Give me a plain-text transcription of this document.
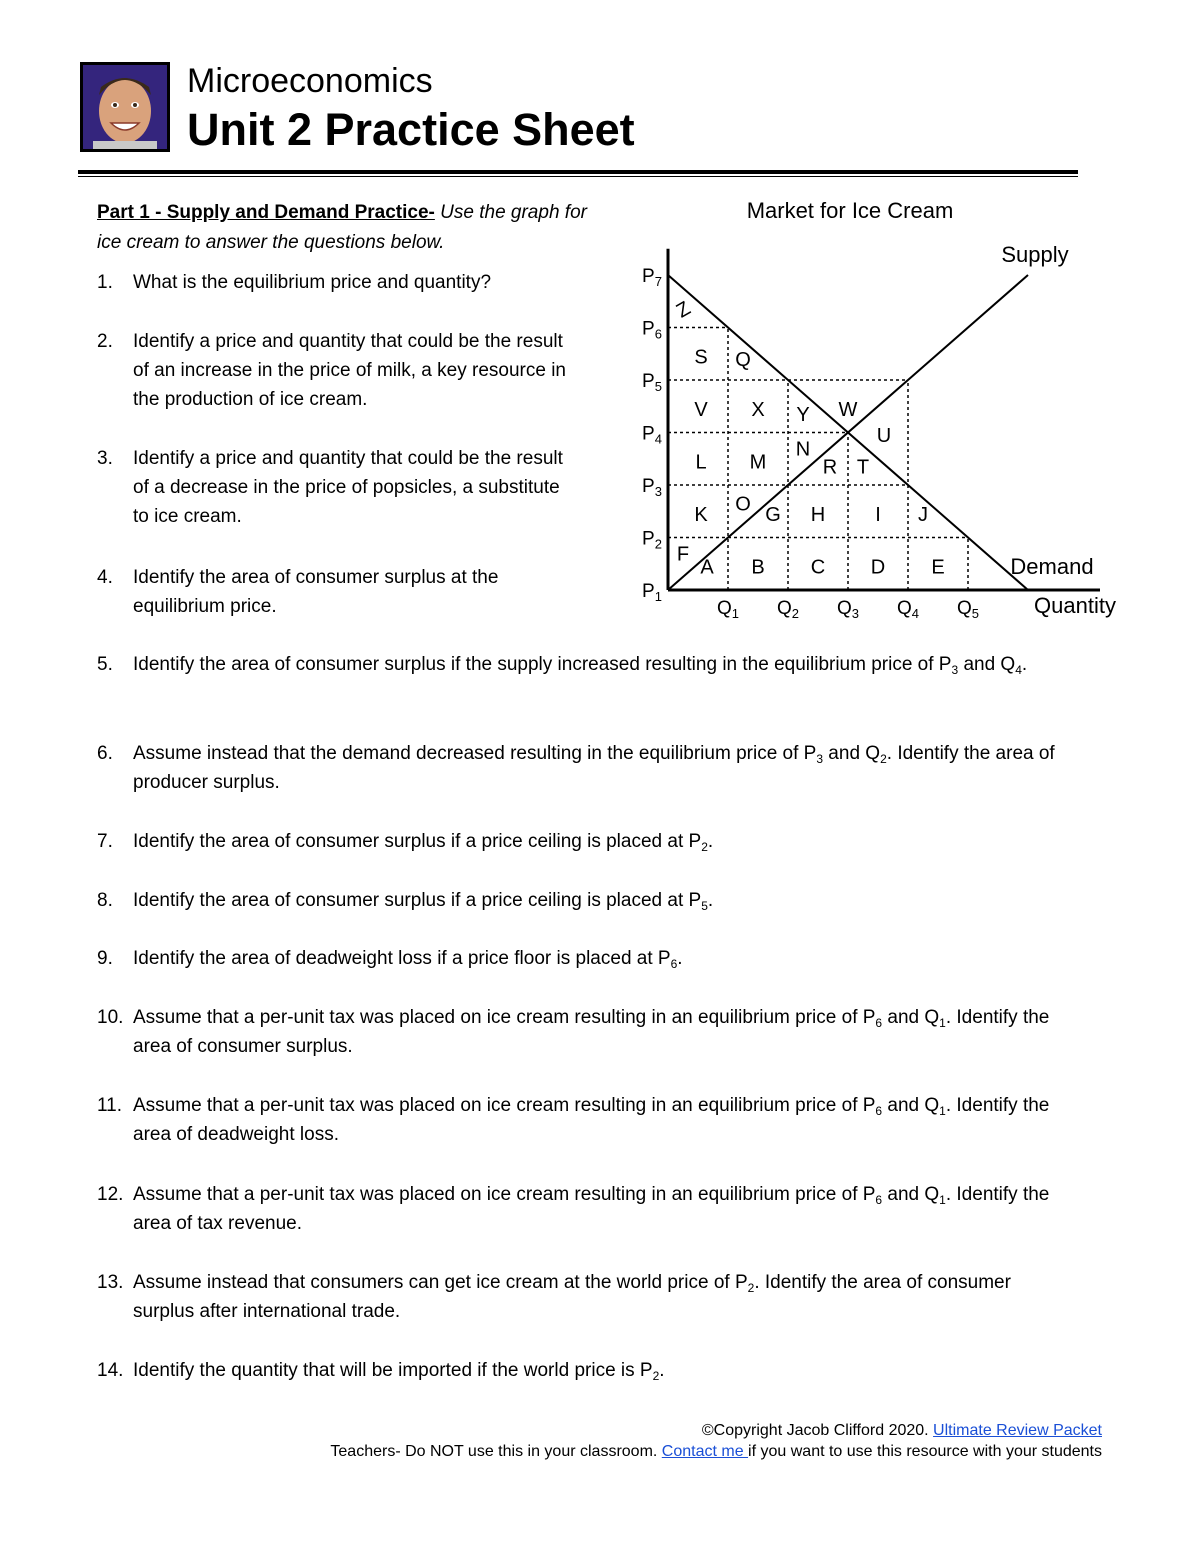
Microeconomics
Unit 2 Practice Sheet
Part 1 - Supply and Demand Practice- Use the graph for ice cream to answer the questions below.
1.	What is the equilibrium price and quantity?
2.	Identify a price and quantity that could be the result of an increase in the price of milk, a key resource in the production of ice cream.
3.	Identify a price and quantity that could be the result of a decrease in the price of popsicles, a substitute to ice cream.
4.	Identify the area of consumer surplus at the equilibrium price.
5.	Identify the area of consumer surplus if the supply increased resulting in the equilibrium price of $P_3$ and $Q_4$.
6.	Assume instead that the demand decreased resulting in the equilibrium price of $P_3$ and $Q_2$. Identify the area of producer surplus.
7.	Identify the area of consumer surplus if a price ceiling is placed at $P_2$.
8.	Identify the area of consumer surplus if a price ceiling is placed at $P_5$.
9.	Identify the area of deadweight loss if a price floor is placed at $P_6$.
10. Assume that a per-unit tax was placed on ice cream resulting in an equilibrium price of $P_6$ and $Q_1$. Identify the area of consumer surplus.
11. Assume that a per-unit tax was placed on ice cream resulting in an equilibrium price of $P_6$ and $Q_1$. Identify the area of deadweight loss.
12. Assume that a per-unit tax was placed on ice cream resulting in an equilibrium price of $P_6$ and $Q_1$. Identify the area of tax revenue.
13. Assume instead that consumers can get ice cream at the world price of $P_2$. Identify the area of consumer surplus after international trade.
14. Identify the quantity that will be imported if the world price is $P_2$.
Market for Ice Cream
Supply
Demand
Quantity
$P_1$
$P_2$
$P_3$
$P_4$
$P_5$
$P_6$
$P_7$
$Q_1$ $Q_2$ $Q_3$ $Q_4$ $Q_5$
Z
S Q
V X Y W
L M
N
R T
U
O G
K	H I J
F
A B C D E
©Copyright Jacob Clifford 2020. Ultimate Review Packet
Teachers- Do NOT use this in your classroom. Contact me if you want to use this resource with your students
